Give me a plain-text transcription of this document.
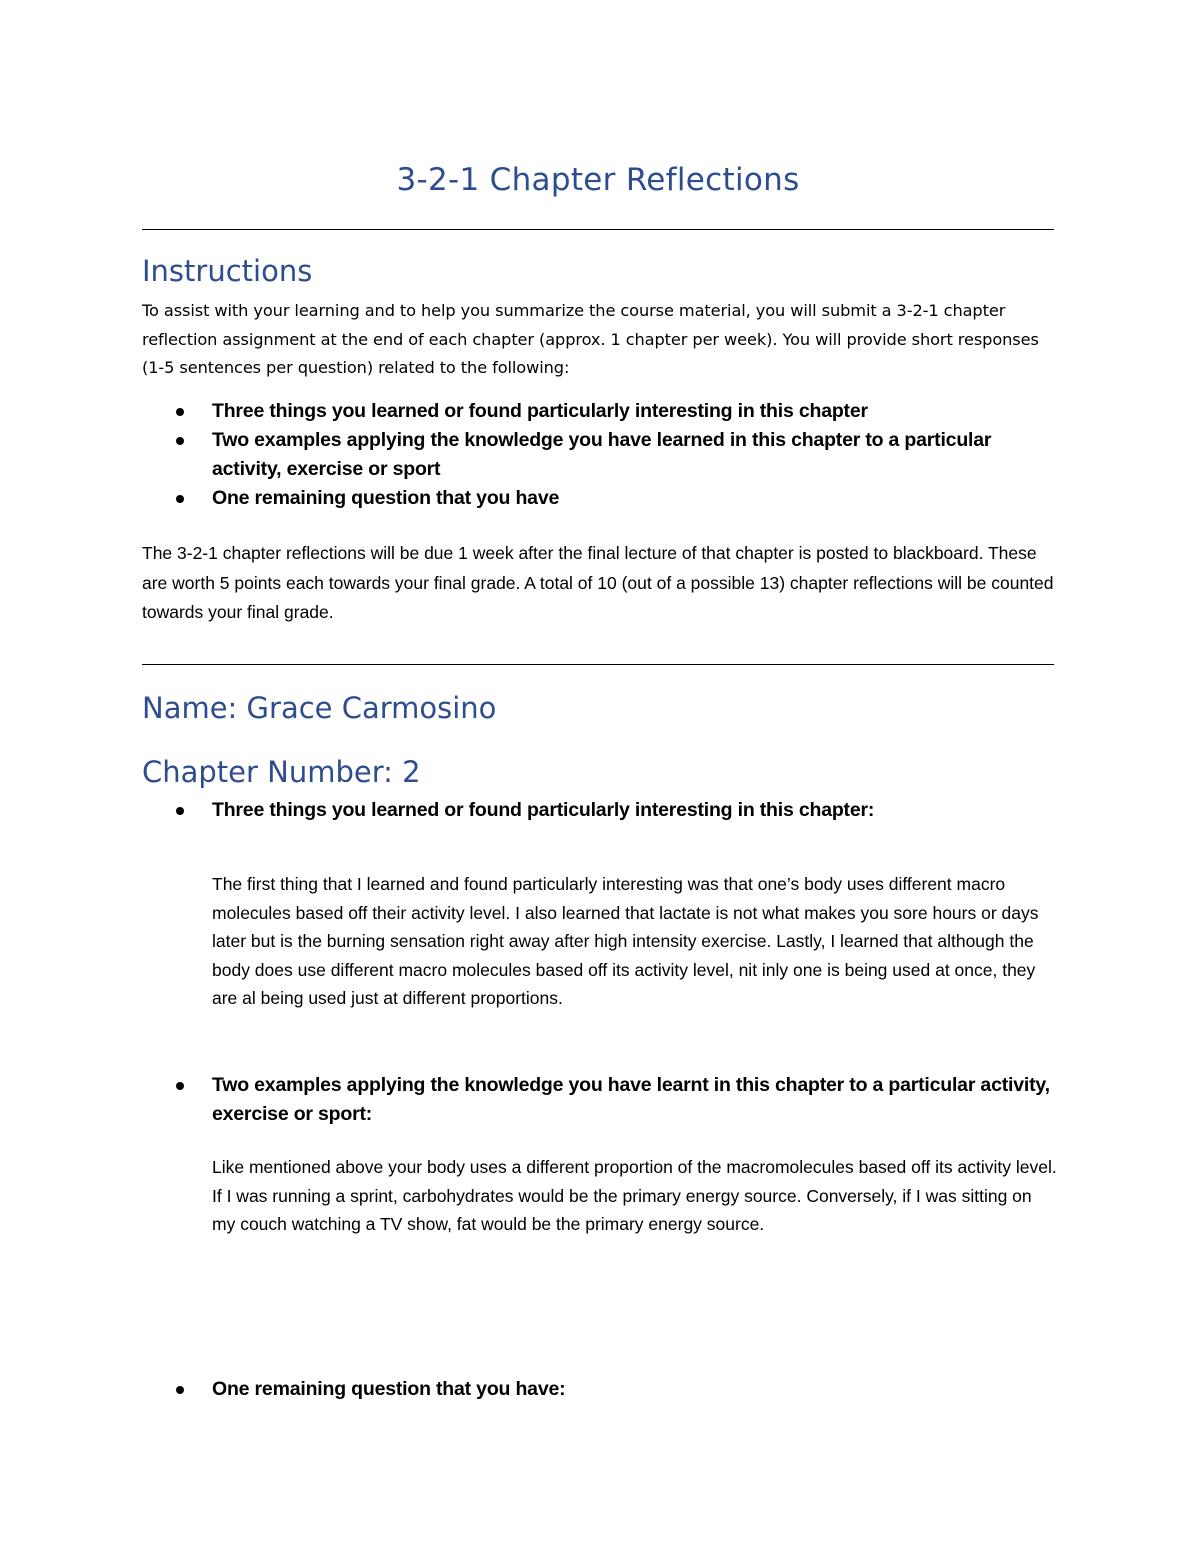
3-2-1 Chapter Reflections
Instructions

To assist with your learning and to help you summarize the course material, you will submit a 3-2-1 chapter reflection assignment at the end of each chapter (approx. 1 chapter per week). You will provide short responses (1-5 sentences per question) related to the following:

Three things you learned or found particularly interesting in this chapter
Two examples applying the knowledge you have learned in this chapter to a particular activity, exercise or sport
One remaining question that you have

The 3-2-1 chapter reflections will be due 1 week after the final lecture of that chapter is posted to blackboard. These are worth 5 points each towards your final grade. A total of 10 (out of a possible 13) chapter reflections will be counted towards your final grade.

Name: Grace Carmosino
Chapter Number: 2

Three things you learned or found particularly interesting in this chapter:

The first thing that I learned and found particularly interesting was that one’s body uses different macro molecules based off their activity level. I also learned that lactate is not what makes you sore hours or days later but is the burning sensation right away after high intensity exercise. Lastly, I learned that although the body does use different macro molecules based off its activity level, nit inly one is being used at once, they are al being used just at different proportions.

Two examples applying the knowledge you have learnt in this chapter to a particular activity, exercise or sport:

Like mentioned above your body uses a different proportion of the macromolecules based off its activity level. If I was running a sprint, carbohydrates would be the primary energy source. Conversely, if I was sitting on my couch watching a TV show, fat would be the primary energy source.

One remaining question that you have:
